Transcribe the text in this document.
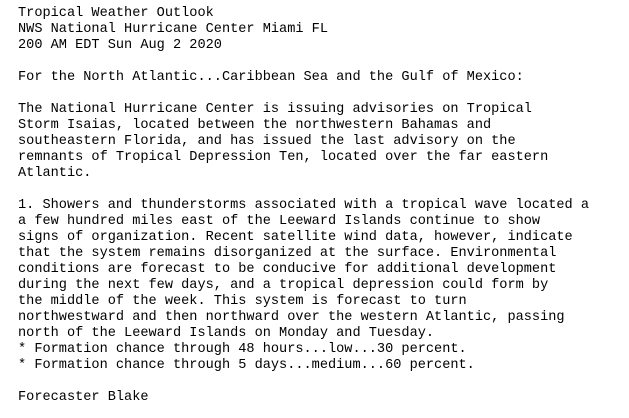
Tropical Weather Outlook
NWS National Hurricane Center Miami FL
200 AM EDT Sun Aug 2 2020
For the North Atlantic...Caribbean Sea and the Gulf of Mexico:
The National Hurricane Center is issuing advisories on Tropical
Storm Isaias, located between the northwestern Bahamas and
southeastern Florida, and has issued the last advisory on the
remnants of Tropical Depression Ten, located over the far eastern
Atlantic.
1. Showers and thunderstorms associated with a tropical wave located a
a few hundred miles east of the Leeward Islands continue to show
signs of organization. Recent satellite wind data, however, indicate
that the system remains disorganized at the surface. Environmental
conditions are forecast to be conducive for additional development
during the next few days, and a tropical depression could form by
the middle of the week. This system is forecast to turn
northwestward and then northward over the western Atlantic, passing
north of the Leeward Islands on Monday and Tuesday.
* Formation chance through 48 hours...low...30 percent.
* Formation chance through 5 days...medium...60 percent.
Forecaster Blake
